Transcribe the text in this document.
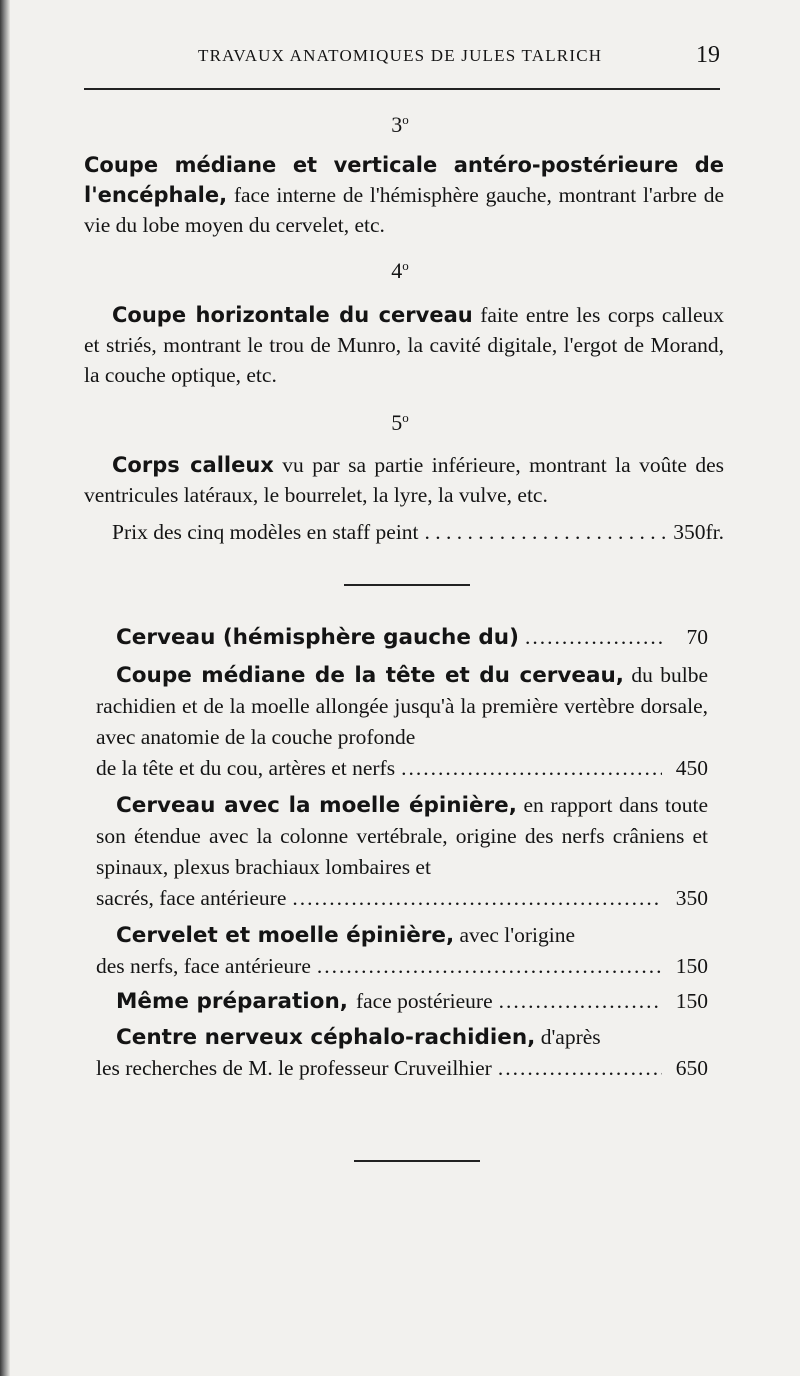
TRAVAUX ANATOMIQUES DE JULES TALRICH	19
3$^o$
Coupe médiane et verticale antéro-postérieure de l'encéphale, face interne de l'hémisphère gauche, montrant l'arbre de vie du lobe moyen du cervelet, etc.
4$^o$
Coupe horizontale du cerveau faite entre les corps calleux et striés, montrant le trou de Munro, la cavité digitale, l'ergot de Morand, la couche optique, etc.
5$^o$
Corps calleux vu par sa partie inférieure, montrant la voûte des ventricules latéraux, le bourrelet, la lyre, la vulve, etc.
Prix des cinq modèles en staff peint . . .	350fr.
Cerveau (hémisphère gauche du) .....	70

Coupe médiane de la tête et du cerveau, du bulbe rachidien et de la moelle allongée jusqu'à la première vertèbre dorsale, avec anatomie de la couche profonde

de la tête et du cou, artères et nerfs .....	450

Cerveau avec la moelle épinière, en rapport dans toute son étendue avec la colonne vertébrale, origine des nerfs crâniens et spinaux, plexus brachiaux lombaires et

sacrés, face antérieure .....	350

Cervelet et moelle épinière, avec l'origine

des nerfs, face antérieure .....	150
Même préparation, face postérieure .....	150

Centre nerveux céphalo-rachidien, d'après

les recherches de M. le professeur Cruveilhier .....	650
